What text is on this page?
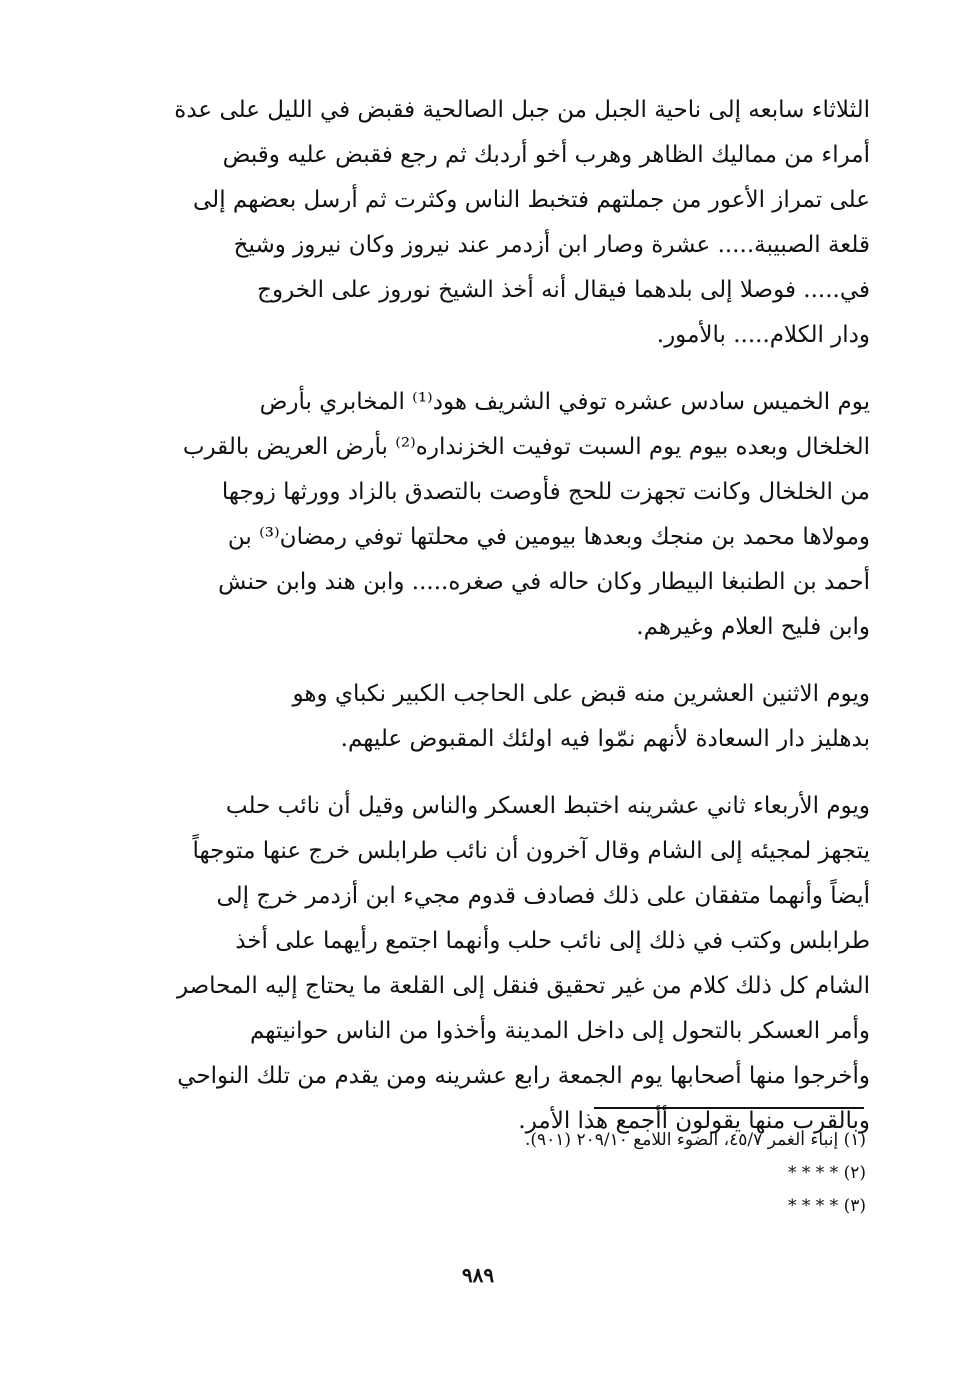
الثلاثاء سابعه إلى ناحية الجبل من جبل الصالحية فقبض في الليل على عدة
أمراء من مماليك الظاهر وهرب أخو أردبك ثم رجع فقبض عليه وقبض
على تمراز الأعور من جملتهم فتخبط الناس وكثرت ثم أرسل بعضهم إلى
قلعة الصبيبة..... عشرة وصار ابن أزدمر عند نيروز وكان نيروز وشيخ
في..... فوصلا إلى بلدهما فيقال أنه أخذ الشيخ نوروز على الخروج
ودار الكلام..... بالأمور.

يوم الخميس سادس عشره توفي الشريف هود⁽¹⁾ المخابري بأرض
الخلخال وبعده بيوم يوم السبت توفيت الخزنداره⁽²⁾ بأرض العريض بالقرب
من الخلخال وكانت تجهزت للحج فأوصت بالتصدق بالزاد وورثها زوجها
ومولاها محمد بن منجك وبعدها بيومين في محلتها توفي رمضان⁽³⁾ بن
أحمد بن الطنبغا البيطار وكان حاله في صغره..... وابن هند وابن حنش
وابن فليح العلام وغيرهم.

ويوم الاثنين العشرين منه قبض على الحاجب الكبير نكباي وهو
بدهليز دار السعادة لأنهم نمّوا فيه اولئك المقبوض عليهم.

ويوم الأربعاء ثاني عشرينه اختبط العسكر والناس وقيل أن نائب حلب
يتجهز لمجيئه إلى الشام وقال آخرون أن نائب طرابلس خرج عنها متوجهاً
أيضاً وأنهما متفقان على ذلك فصادف قدوم مجيء ابن أزدمر خرج إلى
طرابلس وكتب في ذلك إلى نائب حلب وأنهما اجتمع رأيهما على أخذ
الشام كل ذلك كلام من غير تحقيق فنقل إلى القلعة ما يحتاج إليه المحاصر
وأمر العسكر بالتحول إلى داخل المدينة وأخذوا من الناس حوانيتهم
وأخرجوا منها أصحابها يوم الجمعة رابع عشرينه ومن يقدم من تلك النواحي
وبالقرب منها يقولون أأجمع هذا الأمر.

(١) إنباء الغمر ٤٥/٧، الضوء اللامع ٢٠٩/١٠ (٩٠١).
(٢) * * * *
(٣) * * * *
٩٨٩
